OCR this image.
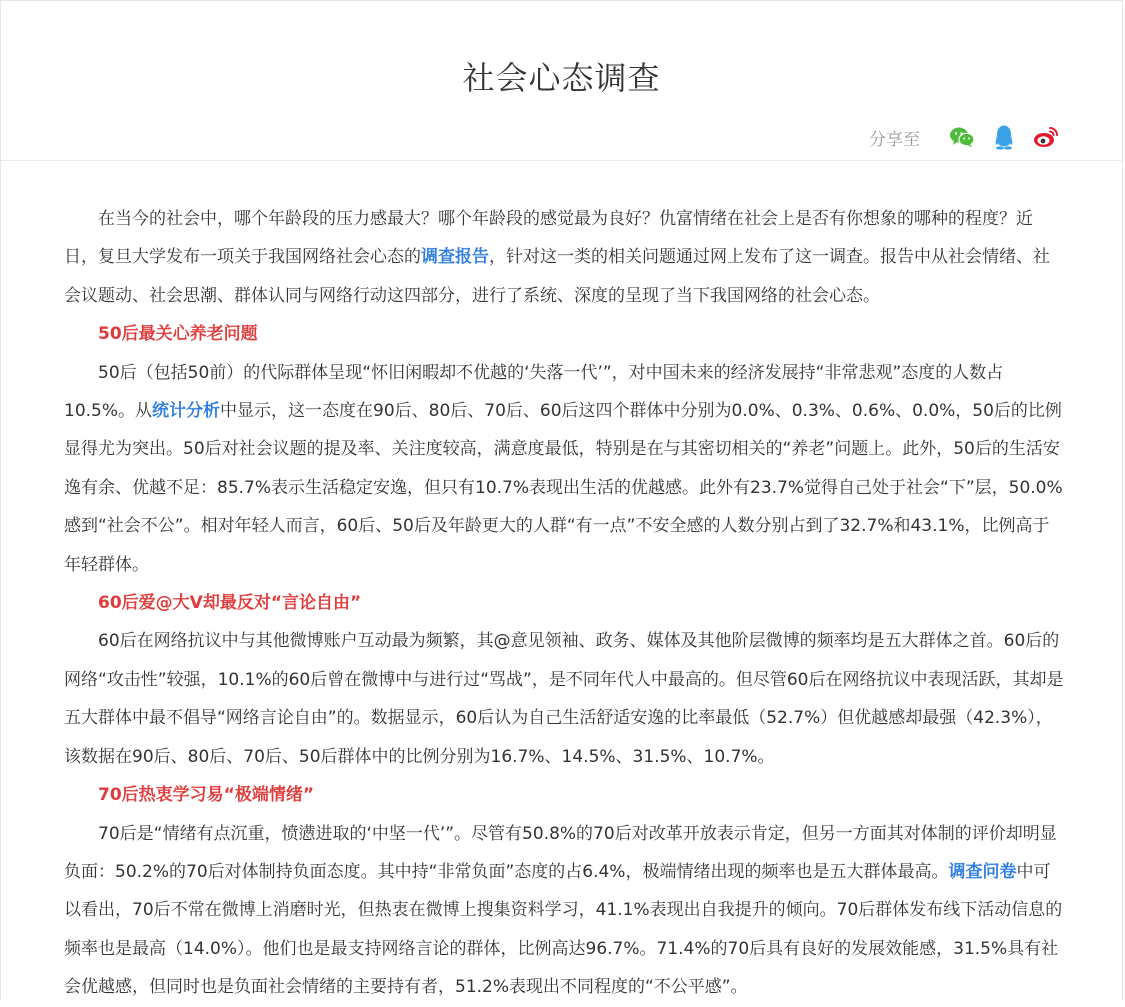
社会心态调查
分享至

在当今的社会中，哪个年龄段的压力感最大？哪个年龄段的感觉最为良好？仇富情绪在社会上是否有你想象的哪种的程度？近日，复旦大学发布一项关于我国网络社会心态的调查报告，针对这一类的相关问题通过网上发布了这一调查。报告中从社会情绪、社会议题动、社会思潮、群体认同与网络行动这四部分，进行了系统、深度的呈现了当下我国网络的社会心态。

50后最关心养老问题

50后（包括50前）的代际群体呈现“怀旧闲暇却不优越的‘失落一代’”，对中国未来的经济发展持“非常悲观”态度的人数占10.5%。从统计分析中显示，这一态度在90后、80后、70后、60后这四个群体中分别为0.0%、0.3%、0.6%、0.0%，50后的比例显得尤为突出。50后对社会议题的提及率、关注度较高，满意度最低，特别是在与其密切相关的“养老”问题上。此外，50后的生活安逸有余、优越不足：85.7%表示生活稳定安逸，但只有10.7%表现出生活的优越感。此外有23.7%觉得自己处于社会“下”层，50.0%感到“社会不公”。相对年轻人而言，60后、50后及年龄更大的人群“有一点”不安全感的人数分别占到了32.7%和43.1%，比例高于年轻群体。

60后爱@大V却最反对“言论自由”

60后在网络抗议中与其他微博账户互动最为频繁，其@意见领袖、政务、媒体及其他阶层微博的频率均是五大群体之首。60后的网络“攻击性”较强，10.1%的60后曾在微博中与进行过“骂战”，是不同年代人中最高的。但尽管60后在网络抗议中表现活跃，其却是五大群体中最不倡导“网络言论自由”的。数据显示，60后认为自己生活舒适安逸的比率最低（52.7%）但优越感却最强（42.3%），该数据在90后、80后、70后、50后群体中的比例分别为16.7%、14.5%、31.5%、10.7%。

70后热衷学习易“极端情绪”

70后是“情绪有点沉重，愤懑进取的‘中坚一代’”。尽管有50.8%的70后对改革开放表示肯定，但另一方面其对体制的评价却明显负面：50.2%的70后对体制持负面态度。其中持“非常负面”态度的占6.4%，极端情绪出现的频率也是五大群体最高。调查问卷中可以看出，70后不常在微博上消磨时光，但热衷在微博上搜集资料学习，41.1%表现出自我提升的倾向。70后群体发布线下活动信息的频率也是最高（14.0%）。他们也是最支持网络言论的群体，比例高达96.7%。71.4%的70后具有良好的发展效能感，31.5%具有社会优越感，但同时也是负面社会情绪的主要持有者，51.2%表现出不同程度的“不公平感”。
